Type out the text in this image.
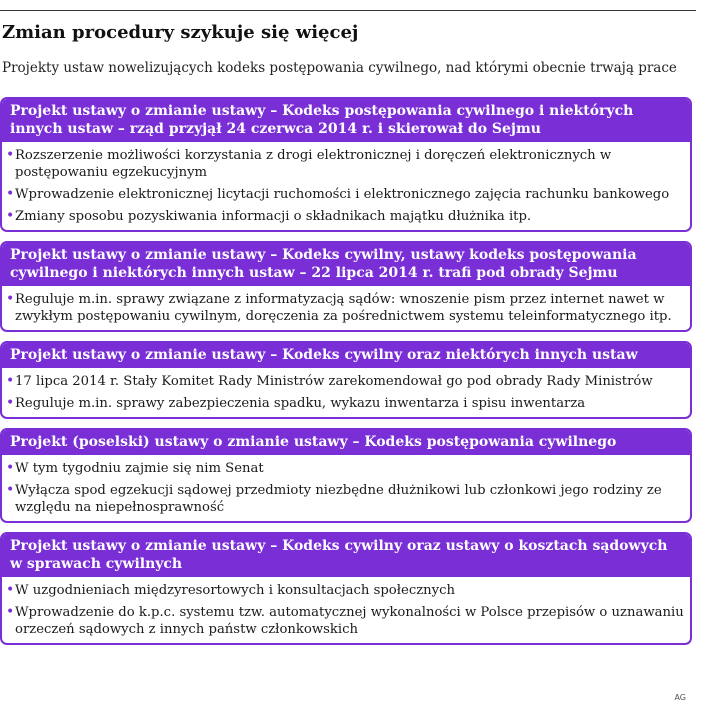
Zmian procedury szykuje się więcej
Projekty ustaw nowelizujących kodeks postępowania cywilnego, nad którymi obecnie trwają prace
Projekt ustawy o zmianie ustawy – Kodeks postępowania cywilnego i niektórych innych ustaw – rząd przyjął 24 czerwca 2014 r. i skierował do Sejmu
• Rozszerzenie możliwości korzystania z drogi elektronicznej i doręczeń elektronicznych w postępowaniu egzekucyjnym
• Wprowadzenie elektronicznej licytacji ruchomości i elektronicznego zajęcia rachunku bankowego
• Zmiany sposobu pozyskiwania informacji o składnikach majątku dłużnika itp.
Projekt ustawy o zmianie ustawy – Kodeks cywilny, ustawy kodeks postępowania cywilnego i niektórych innych ustaw – 22 lipca 2014 r. trafi pod obrady Sejmu
• Reguluje m.in. sprawy związane z informatyzacją sądów: wnoszenie pism przez internet nawet w zwykłym postępowaniu cywilnym, doręczenia za pośrednictwem systemu teleinformatycznego itp.
Projekt ustawy o zmianie ustawy – Kodeks cywilny oraz niektórych innych ustaw
• 17 lipca 2014 r. Stały Komitet Rady Ministrów zarekomendował go pod obrady Rady Ministrów
• Reguluje m.in. sprawy zabezpieczenia spadku, wykazu inwentarza i spisu inwentarza
Projekt (poselski) ustawy o zmianie ustawy – Kodeks postępowania cywilnego
• W tym tygodniu zajmie się nim Senat
• Wyłącza spod egzekucji sądowej przedmioty niezbędne dłużnikowi lub członkowi jego rodziny ze względu na niepełnosprawność
Projekt ustawy o zmianie ustawy – Kodeks cywilny oraz ustawy o kosztach sądowych w sprawach cywilnych
• W uzgodnieniach międzyresortowych i konsultacjach społecznych
• Wprowadzenie do k.p.c. systemu tzw. automatycznej wykonalności w Polsce przepisów o uznawaniu orzeczeń sądowych z innych państw członkowskich
AG
